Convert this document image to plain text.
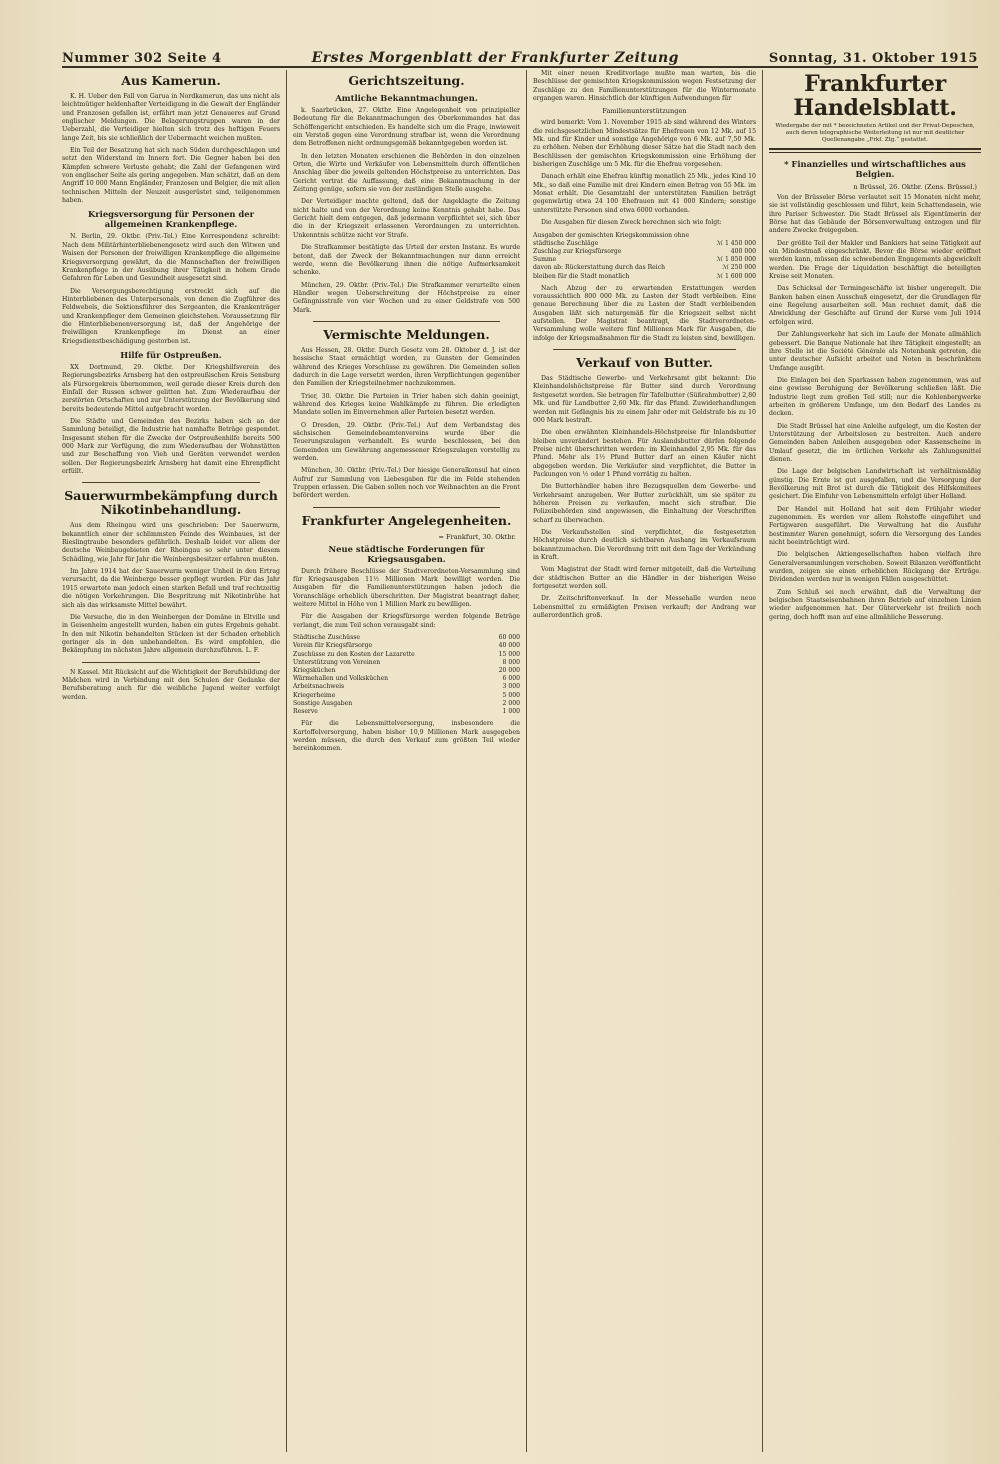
Nummer 302 Seite 4	Erstes Morgenblatt der Frankfurter Zeitung	Sonntag, 31. Oktober 1915
Aus Kamerun.

K. H. Ueber den Fall von Garua in Nordkamerun, das uns nicht als leichtmütiger heldenhafter Verteidigung in die Gewalt der Engländer und Franzosen gefallen ist, erfährt man jetzt Genaueres auf Grund englischer Meldungen. Die Belagerungstruppen waren in der Ueberzahl, die Verteidiger hielten sich trotz des heftigen Feuers lange Zeit, bis sie schließlich der Uebermacht weichen mußten.

Ein Teil der Besatzung hat sich nach Süden durchgeschlagen und setzt den Widerstand im Innern fort. Die Gegner haben bei den Kämpfen schwere Verluste gehabt; die Zahl der Gefangenen wird von englischer Seite als gering angegeben. Man schätzt, daß an dem Angriff 10 000 Mann Engländer, Franzosen und Belgier, die mit allen technischen Mitteln der Neuzeit ausgerüstet sind, teilgenommen haben.

Kriegsversorgung für Personen der allgemeinen Krankenpflege.

N. Berlin, 29. Oktbr. (Priv.-Tel.) Eine Korrespondenz schreibt: Nach dem Militärhinterbliebenengesetz wird auch den Witwen und Waisen der Personen der freiwilligen Krankenpflege die allgemeine Kriegsversorgung gewährt, da die Mannschaften der freiwilligen Krankenpflege in der Ausübung ihrer Tätigkeit in hohem Grade Gefahren für Leben und Gesundheit ausgesetzt sind.

Die Versorgungsberechtigung erstreckt sich auf die Hinterbliebenen des Unterpersonals, von denen die Zugführer des Feldwebels, die Sektionsführer des Sergeanten, die Krankenträger und Krankenpfleger dem Gemeinen gleichstehen. Voraussetzung für die Hinterbliebenenversorgung ist, daß der Angehörige der freiwilligen Krankenpflege im Dienst an einer Kriegsdienstbeschädigung gestorben ist.

Hilfe für Ostpreußen.

XX Dortmund, 29. Oktbr. Der Kriegshilfsverein des Regierungsbezirks Arnsberg hat den ostpreußischen Kreis Sensburg als Fürsorgekreis übernommen, weil gerade dieser Kreis durch den Einfall der Russen schwer gelitten hat. Zum Wiederaufbau der zerstörten Ortschaften und zur Unterstützung der Bevölkerung sind bereits bedeutende Mittel aufgebracht worden.

Die Städte und Gemeinden des Bezirks haben sich an der Sammlung beteiligt, die Industrie hat namhafte Beträge gespendet. Insgesamt stehen für die Zwecke der Ostpreußenhilfe bereits 500 000 Mark zur Verfügung, die zum Wiederaufbau der Wohnstätten und zur Beschaffung von Vieh und Geräten verwendet werden sollen. Der Regierungsbezirk Arnsberg hat damit eine Ehrenpflicht erfüllt.

Sauerwurmbekämpfung durch Nikotinbehandlung.

Aus dem Rheingau wird uns geschrieben: Der Sauerwurm, bekanntlich einer der schlimmsten Feinde des Weinbaues, ist der Rieslingtraube besonders gefährlich. Deshalb leidet vor allem der deutsche Weinbaugebieten der Rheingau so sehr unter diesem Schädling, wie Jahr für Jahr die Weinbergsbesitzer erfahren mußten.

Im Jahre 1914 hat der Sauerwurm weniger Unheil in den Ertrag verursacht, da die Weinberge besser gepflegt wurden. Für das Jahr 1915 erwartete man jedoch einen starken Befall und traf rechtzeitig die nötigen Vorkehrungen. Die Bespritzung mit Nikotinbrühe hat sich als das wirksamste Mittel bewährt.

Die Versuche, die in den Weinbergen der Domäne in Eltville und in Geisenheim angestellt wurden, haben ein gutes Ergebnis gehabt. In den mit Nikotin behandelten Stücken ist der Schaden erheblich geringer als in den unbehandelten. Es wird empfohlen, die Bekämpfung im nächsten Jahre allgemein durchzuführen. L. F.

N Kassel. Mit Rücksicht auf die Wichtigkeit der Berufsbildung der Mädchen wird in Verbindung mit den Schulen der Gedanke der Berufsberatung auch für die weibliche Jugend weiter verfolgt werden.

Gerichtszeitung.
Amtliche Bekanntmachungen.

k. Saarbrücken, 27. Oktbr. Eine Angelegenheit von prinzipieller Bedeutung für die Bekanntmachungen des Oberkommandos hat das Schöffengericht entschieden. Es handelte sich um die Frage, inwieweit ein Verstoß gegen eine Verordnung strafbar ist, wenn die Verordnung dem Betroffenen nicht ordnungsgemäß bekanntgegeben worden ist.

In den letzten Monaten erschienen die Behörden in den einzelnen Orten, die Wirte und Verkäufer von Lebensmitteln durch öffentlichen Anschlag über die jeweils geltenden Höchstpreise zu unterrichten. Das Gericht vertrat die Auffassung, daß eine Bekanntmachung in der Zeitung genüge, sofern sie von der zuständigen Stelle ausgehe.

Der Verteidiger machte geltend, daß der Angeklagte die Zeitung nicht halte und von der Verordnung keine Kenntnis gehabt habe. Das Gericht hielt dem entgegen, daß jedermann verpflichtet sei, sich über die in der Kriegszeit erlassenen Verordnungen zu unterrichten. Unkenntnis schütze nicht vor Strafe.

Die Strafkammer bestätigte das Urteil der ersten Instanz. Es wurde betont, daß der Zweck der Bekanntmachungen nur dann erreicht werde, wenn die Bevölkerung ihnen die nötige Aufmerksamkeit schenke.

München, 29. Oktbr. (Priv.-Tel.) Die Strafkammer verurteilte einen Händler wegen Ueberschreitung der Höchstpreise zu einer Gefängnisstrafe von vier Wochen und zu einer Geldstrafe von 500 Mark.

Vermischte Meldungen.

Aus Hessen, 28. Oktbr. Durch Gesetz vom 28. Oktober d. J. ist der hessische Staat ermächtigt worden, zu Gunsten der Gemeinden während des Krieges Vorschüsse zu gewähren. Die Gemeinden sollen dadurch in die Lage versetzt werden, ihren Verpflichtungen gegenüber den Familien der Kriegsteilnehmer nachzukommen.

Trier, 30. Oktbr. Die Parteien in Trier haben sich dahin geeinigt, während des Krieges keine Wahlkämpfe zu führen. Die erledigten Mandate sollen im Einvernehmen aller Parteien besetzt werden.

O Dresden, 29. Oktbr. (Priv.-Tel.) Auf dem Verbandstag des sächsischen Gemeindebeamtenvereins wurde über die Teuerungszulagen verhandelt. Es wurde beschlossen, bei den Gemeinden um Gewährung angemessener Kriegszulagen vorstellig zu werden.

München, 30. Oktbr. (Priv.-Tel.) Der hiesige Generalkonsul hat einen Aufruf zur Sammlung von Liebesgaben für die im Felde stehenden Truppen erlassen. Die Gaben sollen noch vor Weihnachten an die Front befördert werden.

Frankfurter Angelegenheiten.
= Frankfurt, 30. Oktbr.
Neue städtische Forderungen für Kriegsausgaben.

Durch frühere Beschlüsse der Stadtverordneten-Versammlung sind für Kriegsausgaben 11½ Millionen Mark bewilligt worden. Die Ausgaben für die Familienunterstützungen haben jedoch die Voranschläge erheblich überschritten. Der Magistrat beantragt daher, weitere Mittel in Höhe von 1 Million Mark zu bewilligen.

Für die Ausgaben der Kriegsfürsorge werden folgende Beträge verlangt, die zum Teil schon verausgabt sind:

Städtische Zuschüsse	60 000
Verein für Kriegsfürsorge	40 000
Zuschüsse zu den Kosten der Lazarette	15 000
Unterstützung von Vereinen	8 000
Kriegsküchen	20 000
Wärmehallen und Volksküchen	6 000
Arbeitsnachweis	3 000
Kriegerheime	5 000
Sonstige Ausgaben	2 000
Reserve	1 000

Für die Lebensmittelversorgung, insbesondere die Kartoffelversorgung, haben bisher 10,9 Millionen Mark ausgegeben werden müssen, die durch den Verkauf zum größten Teil wieder hereinkommen.

Mit einer neuen Kreditvorlage mußte man warten, bis die Beschlüsse der gemischten Kriegskommission wegen Festsetzung der Zuschläge zu den Familienunterstützungen für die Wintermonate ergangen waren. Hinsichtlich der künftigen Aufwendungen für

Familienunterstützungen

wird bemerkt: Vom 1. November 1915 ab sind während des Winters die reichsgesetzlichen Mindestsätze für Ehefrauen von 12 Mk. auf 15 Mk. und für Kinder und sonstige Angehörige von 6 Mk. auf 7,50 Mk. zu erhöhen. Neben der Erhöhung dieser Sätze hat die Stadt nach den Beschlüssen der gemischten Kriegskommission eine Erhöhung der bisherigen Zuschläge um 5 Mk. für die Ehefrau vorgesehen.

Danach erhält eine Ehefrau künftig monatlich 25 Mk., jedes Kind 10 Mk., so daß eine Familie mit drei Kindern einen Betrag von 55 Mk. im Monat erhält. Die Gesamtzahl der unterstützten Familien beträgt gegenwärtig etwa 24 100 Ehefrauen mit 41 000 Kindern; sonstige unterstützte Personen sind etwa 6000 vorhanden.

Die Ausgaben für diesen Zweck berechnen sich wie folgt:

Ausgaben der gemischten Kriegskommission ohne städtische Zuschläge	ℳ 1 450 000
Zuschlag zur Kriegsfürsorge	400 000
Summe	ℳ 1 850 000
davon ab: Rückerstattung durch das Reich	ℳ 250 000
bleiben für die Stadt monatlich	ℳ 1 600 000

Nach Abzug der zu erwartenden Erstattungen werden voraussichtlich 800 000 Mk. zu Lasten der Stadt verbleiben. Eine genaue Berechnung über die zu Lasten der Stadt verbleibenden Ausgaben läßt sich naturgemäß für die Kriegszeit selbst nicht aufstellen. Der Magistrat beantragt, die Stadtverordneten-Versammlung wolle weitere fünf Millionen Mark für Ausgaben, die infolge der Kriegsmaßnahmen für die Stadt zu leisten sind, bewilligen.

Verkauf von Butter.

Das Städtische Gewerbe- und Verkehrsamt gibt bekannt: Die Kleinhandelshöchstpreise für Butter sind durch Verordnung festgesetzt worden. Sie betragen für Tafelbutter (Süßrahmbutter) 2,80 Mk. und für Landbutter 2,60 Mk. für das Pfund. Zuwiderhandlungen werden mit Gefängnis bis zu einem Jahr oder mit Geldstrafe bis zu 10 000 Mark bestraft.

Die oben erwähnten Kleinhandels-Höchstpreise für Inlandsbutter bleiben unverändert bestehen. Für Auslandsbutter dürfen folgende Preise nicht überschritten werden: im Kleinhandel 2,95 Mk. für das Pfund. Mehr als 1½ Pfund Butter darf an einen Käufer nicht abgegeben werden. Die Verkäufer sind verpflichtet, die Butter in Packungen von ½ oder 1 Pfund vorrätig zu halten.

Die Butterhändler haben ihre Bezugsquellen dem Gewerbe- und Verkehrsamt anzugeben. Wer Butter zurückhält, um sie später zu höheren Preisen zu verkaufen, macht sich strafbar. Die Polizeibehörden sind angewiesen, die Einhaltung der Vorschriften scharf zu überwachen.

Die Verkaufsstellen sind verpflichtet, die festgesetzten Höchstpreise durch deutlich sichtbaren Aushang im Verkaufsraum bekanntzumachen. Die Verordnung tritt mit dem Tage der Verkündung in Kraft.

Vom Magistrat der Stadt wird ferner mitgeteilt, daß die Verteilung der städtischen Butter an die Händler in der bisherigen Weise fortgesetzt werden soll.

Dr. Zeitschriftenverkauf. In der Messehalle wurden neue Lebensmittel zu ermäßigten Preisen verkauft; der Andrang war außerordentlich groß.

Frankfurter Handelsblatt.
Wiedergabe der mit * bezeichneten Artikel und der Privat-Depeschen, auch deren telegraphische Weiterleitung ist nur mit deutlicher Quellenangabe „Frkf. Ztg.“ gestattet.
* Finanzielles und wirtschaftliches aus Belgien.
n Brüssel, 26. Oktbr. (Zens. Brüssel.)

Von der Brüsseler Börse verlautet seit 15 Monaten nicht mehr, sie ist vollständig geschlossen und führt, kein Schattendasein, wie ihre Pariser Schwester. Die Stadt Brüssel als Eigentümerin der Börse hat das Gebäude der Börsenverwaltung entzogen und für andere Zwecke freigegeben.

Der größte Teil der Makler und Bankiers hat seine Tätigkeit auf ein Mindestmaß eingeschränkt. Bevor die Börse wieder eröffnet werden kann, müssen die schwebenden Engagements abgewickelt werden. Die Frage der Liquidation beschäftigt die beteiligten Kreise seit Monaten.

Das Schicksal der Termingeschäfte ist bisher ungeregelt. Die Banken haben einen Ausschuß eingesetzt, der die Grundlagen für eine Regelung ausarbeiten soll. Man rechnet damit, daß die Abwicklung der Geschäfte auf Grund der Kurse vom Juli 1914 erfolgen wird.

Der Zahlungsverkehr hat sich im Laufe der Monate allmählich gebessert. Die Banque Nationale hat ihre Tätigkeit eingestellt; an ihre Stelle ist die Société Générale als Notenbank getreten, die unter deutscher Aufsicht arbeitet und Noten in beschränktem Umfange ausgibt.

Die Einlagen bei den Sparkassen haben zugenommen, was auf eine gewisse Beruhigung der Bevölkerung schließen läßt. Die Industrie liegt zum großen Teil still; nur die Kohlenbergwerke arbeiten in größerem Umfange, um den Bedarf des Landes zu decken.

Die Stadt Brüssel hat eine Anleihe aufgelegt, um die Kosten der Unterstützung der Arbeitslosen zu bestreiten. Auch andere Gemeinden haben Anleihen ausgegeben oder Kassenscheine in Umlauf gesetzt, die im örtlichen Verkehr als Zahlungsmittel dienen.

Die Lage der belgischen Landwirtschaft ist verhältnismäßig günstig. Die Ernte ist gut ausgefallen, und die Versorgung der Bevölkerung mit Brot ist durch die Tätigkeit des Hilfskomitees gesichert. Die Einfuhr von Lebensmitteln erfolgt über Holland.

Der Handel mit Holland hat seit dem Frühjahr wieder zugenommen. Es werden vor allem Rohstoffe eingeführt und Fertigwaren ausgeführt. Die Verwaltung hat die Ausfuhr bestimmter Waren genehmigt, sofern die Versorgung des Landes nicht beeinträchtigt wird.

Die belgischen Aktiengesellschaften haben vielfach ihre Generalversammlungen verschoben. Soweit Bilanzen veröffentlicht wurden, zeigen sie einen erheblichen Rückgang der Erträge. Dividenden werden nur in wenigen Fällen ausgeschüttet.

Zum Schluß sei noch erwähnt, daß die Verwaltung der belgischen Staatseisenbahnen ihren Betrieb auf einzelnen Linien wieder aufgenommen hat. Der Güterverkehr ist freilich noch gering, doch hofft man auf eine allmähliche Besserung.
